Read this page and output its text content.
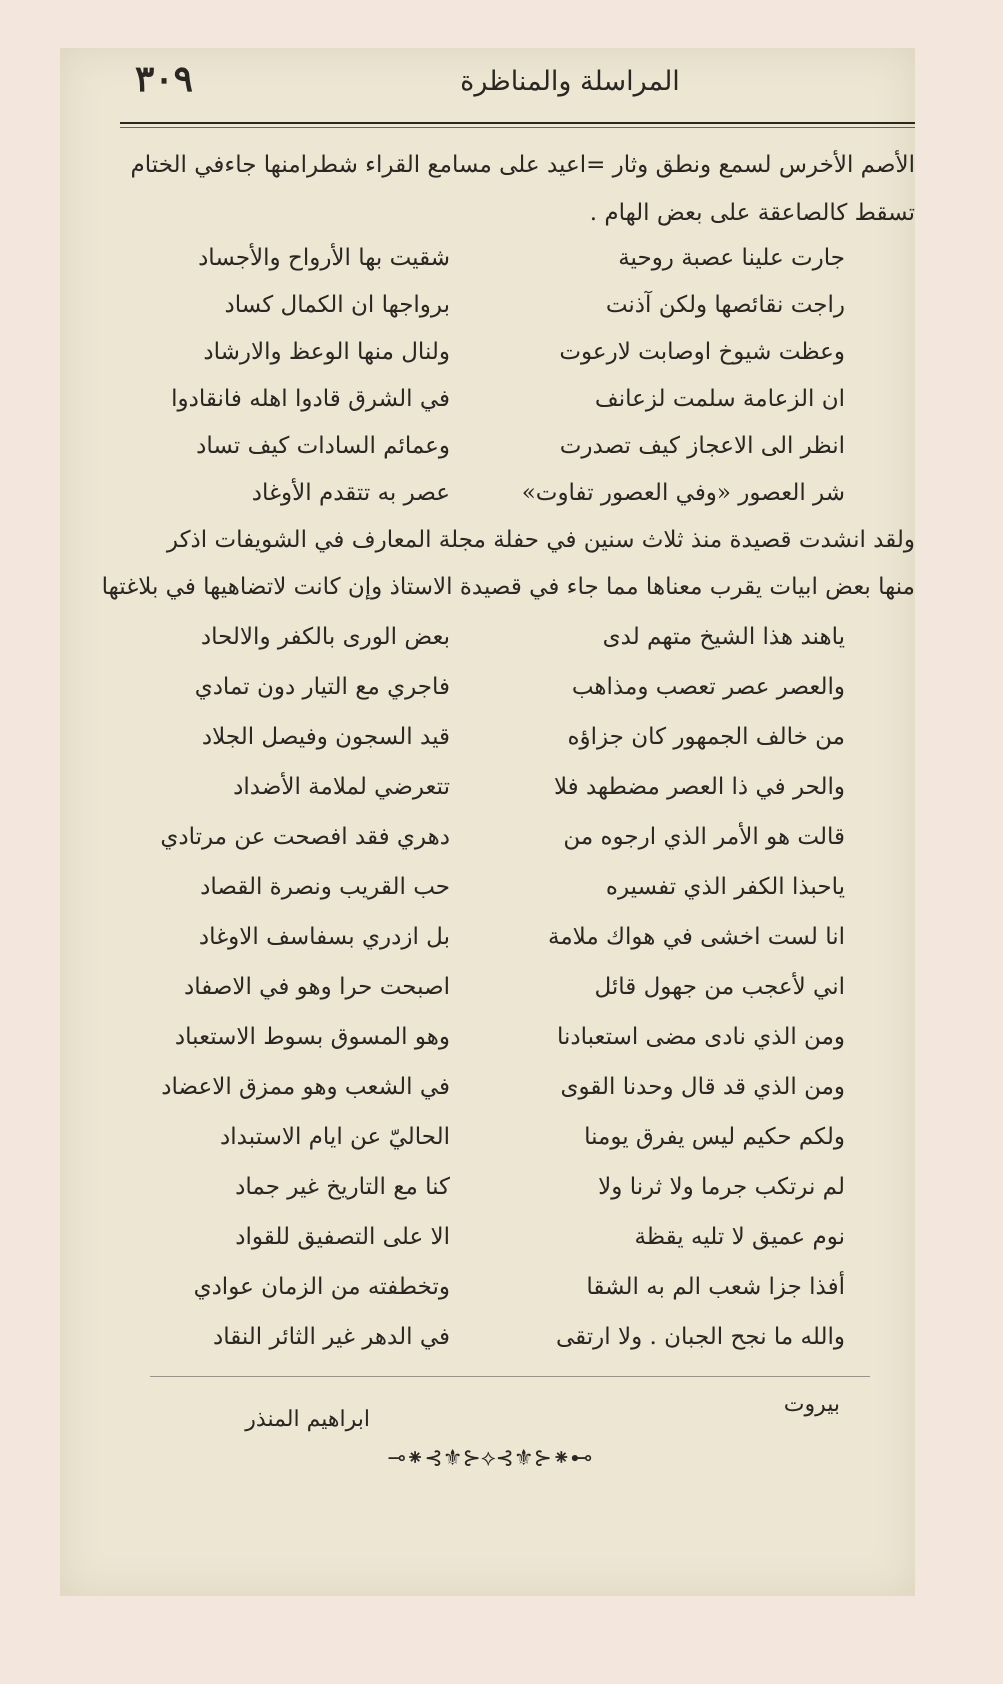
٣٠٩	المراسلة والمناظرة
الأصم الأخرس لسمع ونطق وثار =اعيد على مسامع القراء شطرامنها جاءفي الختام
تسقط كالصاعقة على بعض الهام .
جارت علينا عصبة روحية
شقيت بها الأرواح والأجساد
راجت نقائصها ولكن آذنت
برواجها ان الكمال كساد
وعظت شيوخ اوصابت لارعوت
ولنال منها الوعظ والارشاد
ان الزعامة سلمت لزعانف
في الشرق قادوا اهله فانقادوا
انظر الى الاعجاز كيف تصدرت
وعمائم السادات كيف تساد
شر العصور «وفي العصور تفاوت»
عصر به تتقدم الأوغاد
ولقد انشدت قصيدة منذ ثلاث سنين في حفلة مجلة المعارف في الشويفات اذكر
منها بعض ابيات يقرب معناها مما جاء في قصيدة الاستاذ وإن كانت لاتضاهيها في بلاغتها
ياهند هذا الشيخ متهم لدى
بعض الورى بالكفر والالحاد
والعصر عصر تعصب ومذاهب
فاجري مع التيار دون تمادي
من خالف الجمهور كان جزاؤه
قيد السجون وفيصل الجلاد
والحر في ذا العصر مضطهد فلا
تتعرضي لملامة الأضداد
قالت هو الأمر الذي ارجوه من
دهري فقد افصحت عن مرتادي
ياحبذا الكفر الذي تفسيره
حب القريب ونصرة القصاد
انا لست اخشى في هواك ملامة
بل ازدري بسفاسف الاوغاد
اني لأعجب من جهول قائل
اصبحت حرا وهو في الاصفاد
ومن الذي نادى مضى استعبادنا
وهو المسوق بسوط الاستعباد
ومن الذي قد قال وحدنا القوى
في الشعب وهو ممزق الاعضاد
ولكم حكيم ليس يفرق يومنا
الحاليّ عن ايام الاستبداد
لم نرتكب جرما ولا ثرنا ولا
كنا مع التاريخ غير جماد
نوم عميق لا تليه يقظة
الا على التصفيق للقواد
أفذا جزا شعب الم به الشقا
وتخطفته من الزمان عوادي
والله ما نجح الجبان . ولا ارتقى
في الدهر غير الثائر النقاد
بيروت
ابراهيم المنذر
⊸⁕⊰⚜⊱⟡⊰⚜⊱⁕⊷
